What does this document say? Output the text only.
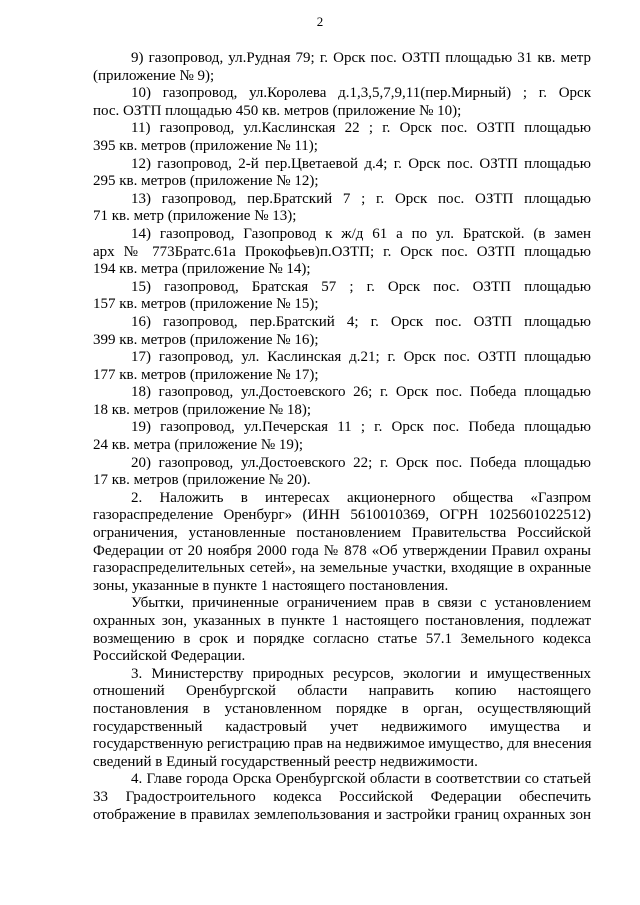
2
9) газопровод, ул.Рудная 79; г. Орск пос. ОЗТП площадью 31 кв. метр
(приложение № 9);
10) газопровод, ул.Королева д.1,3,5,7,9,11(пер.Мирный) ; г. Орск
пос. ОЗТП площадью 450 кв. метров (приложение № 10);
11) газопровод, ул.Каслинская 22 ; г. Орск пос. ОЗТП площадью
395 кв. метров (приложение № 11);
12) газопровод, 2-й пер.Цветаевой д.4; г. Орск пос. ОЗТП площадью
295 кв. метров (приложение № 12);
13) газопровод, пер.Братский 7 ; г. Орск пос. ОЗТП площадью
71 кв. метр (приложение № 13);
14) газопровод, Газопровод к ж/д 61 а по ул. Братской. (в замен
арх № 773Братс.61а Прокофьев)п.ОЗТП; г. Орск пос. ОЗТП площадью
194 кв. метра (приложение № 14);
15) газопровод, Братская 57 ; г. Орск пос. ОЗТП площадью
157 кв. метров (приложение № 15);
16) газопровод, пер.Братский 4; г. Орск пос. ОЗТП площадью
399 кв. метров (приложение № 16);
17) газопровод, ул. Каслинская д.21; г. Орск пос. ОЗТП площадью
177 кв. метров (приложение № 17);
18) газопровод, ул.Достоевского 26; г. Орск пос. Победа площадью
18 кв. метров (приложение № 18);
19) газопровод, ул.Печерская 11 ; г. Орск пос. Победа площадью
24 кв. метра (приложение № 19);
20) газопровод, ул.Достоевского 22; г. Орск пос. Победа площадью
17 кв. метров (приложение № 20).
2. Наложить в интересах акционерного общества «Газпром
газораспределение Оренбург» (ИНН 5610010369, ОГРН 1025601022512)
ограничения, установленные постановлением Правительства Российской
Федерации от 20 ноября 2000 года № 878 «Об утверждении Правил охраны
газораспределительных сетей», на земельные участки, входящие в охранные
зоны, указанные в пункте 1 настоящего постановления.
Убытки, причиненные ограничением прав в связи с установлением
охранных зон, указанных в пункте 1 настоящего постановления, подлежат
возмещению в срок и порядке согласно статье 57.1 Земельного кодекса
Российской Федерации.
3. Министерству природных ресурсов, экологии и имущественных
отношений Оренбургской области направить копию настоящего
постановления в установленном порядке в орган, осуществляющий
государственный кадастровый учет недвижимого имущества и
государственную регистрацию прав на недвижимое имущество, для внесения
сведений в Единый государственный реестр недвижимости.
4. Главе города Орска Оренбургской области в соответствии со статьей
33 Градостроительного кодекса Российской Федерации обеспечить
отображение в правилах землепользования и застройки границ охранных зон
